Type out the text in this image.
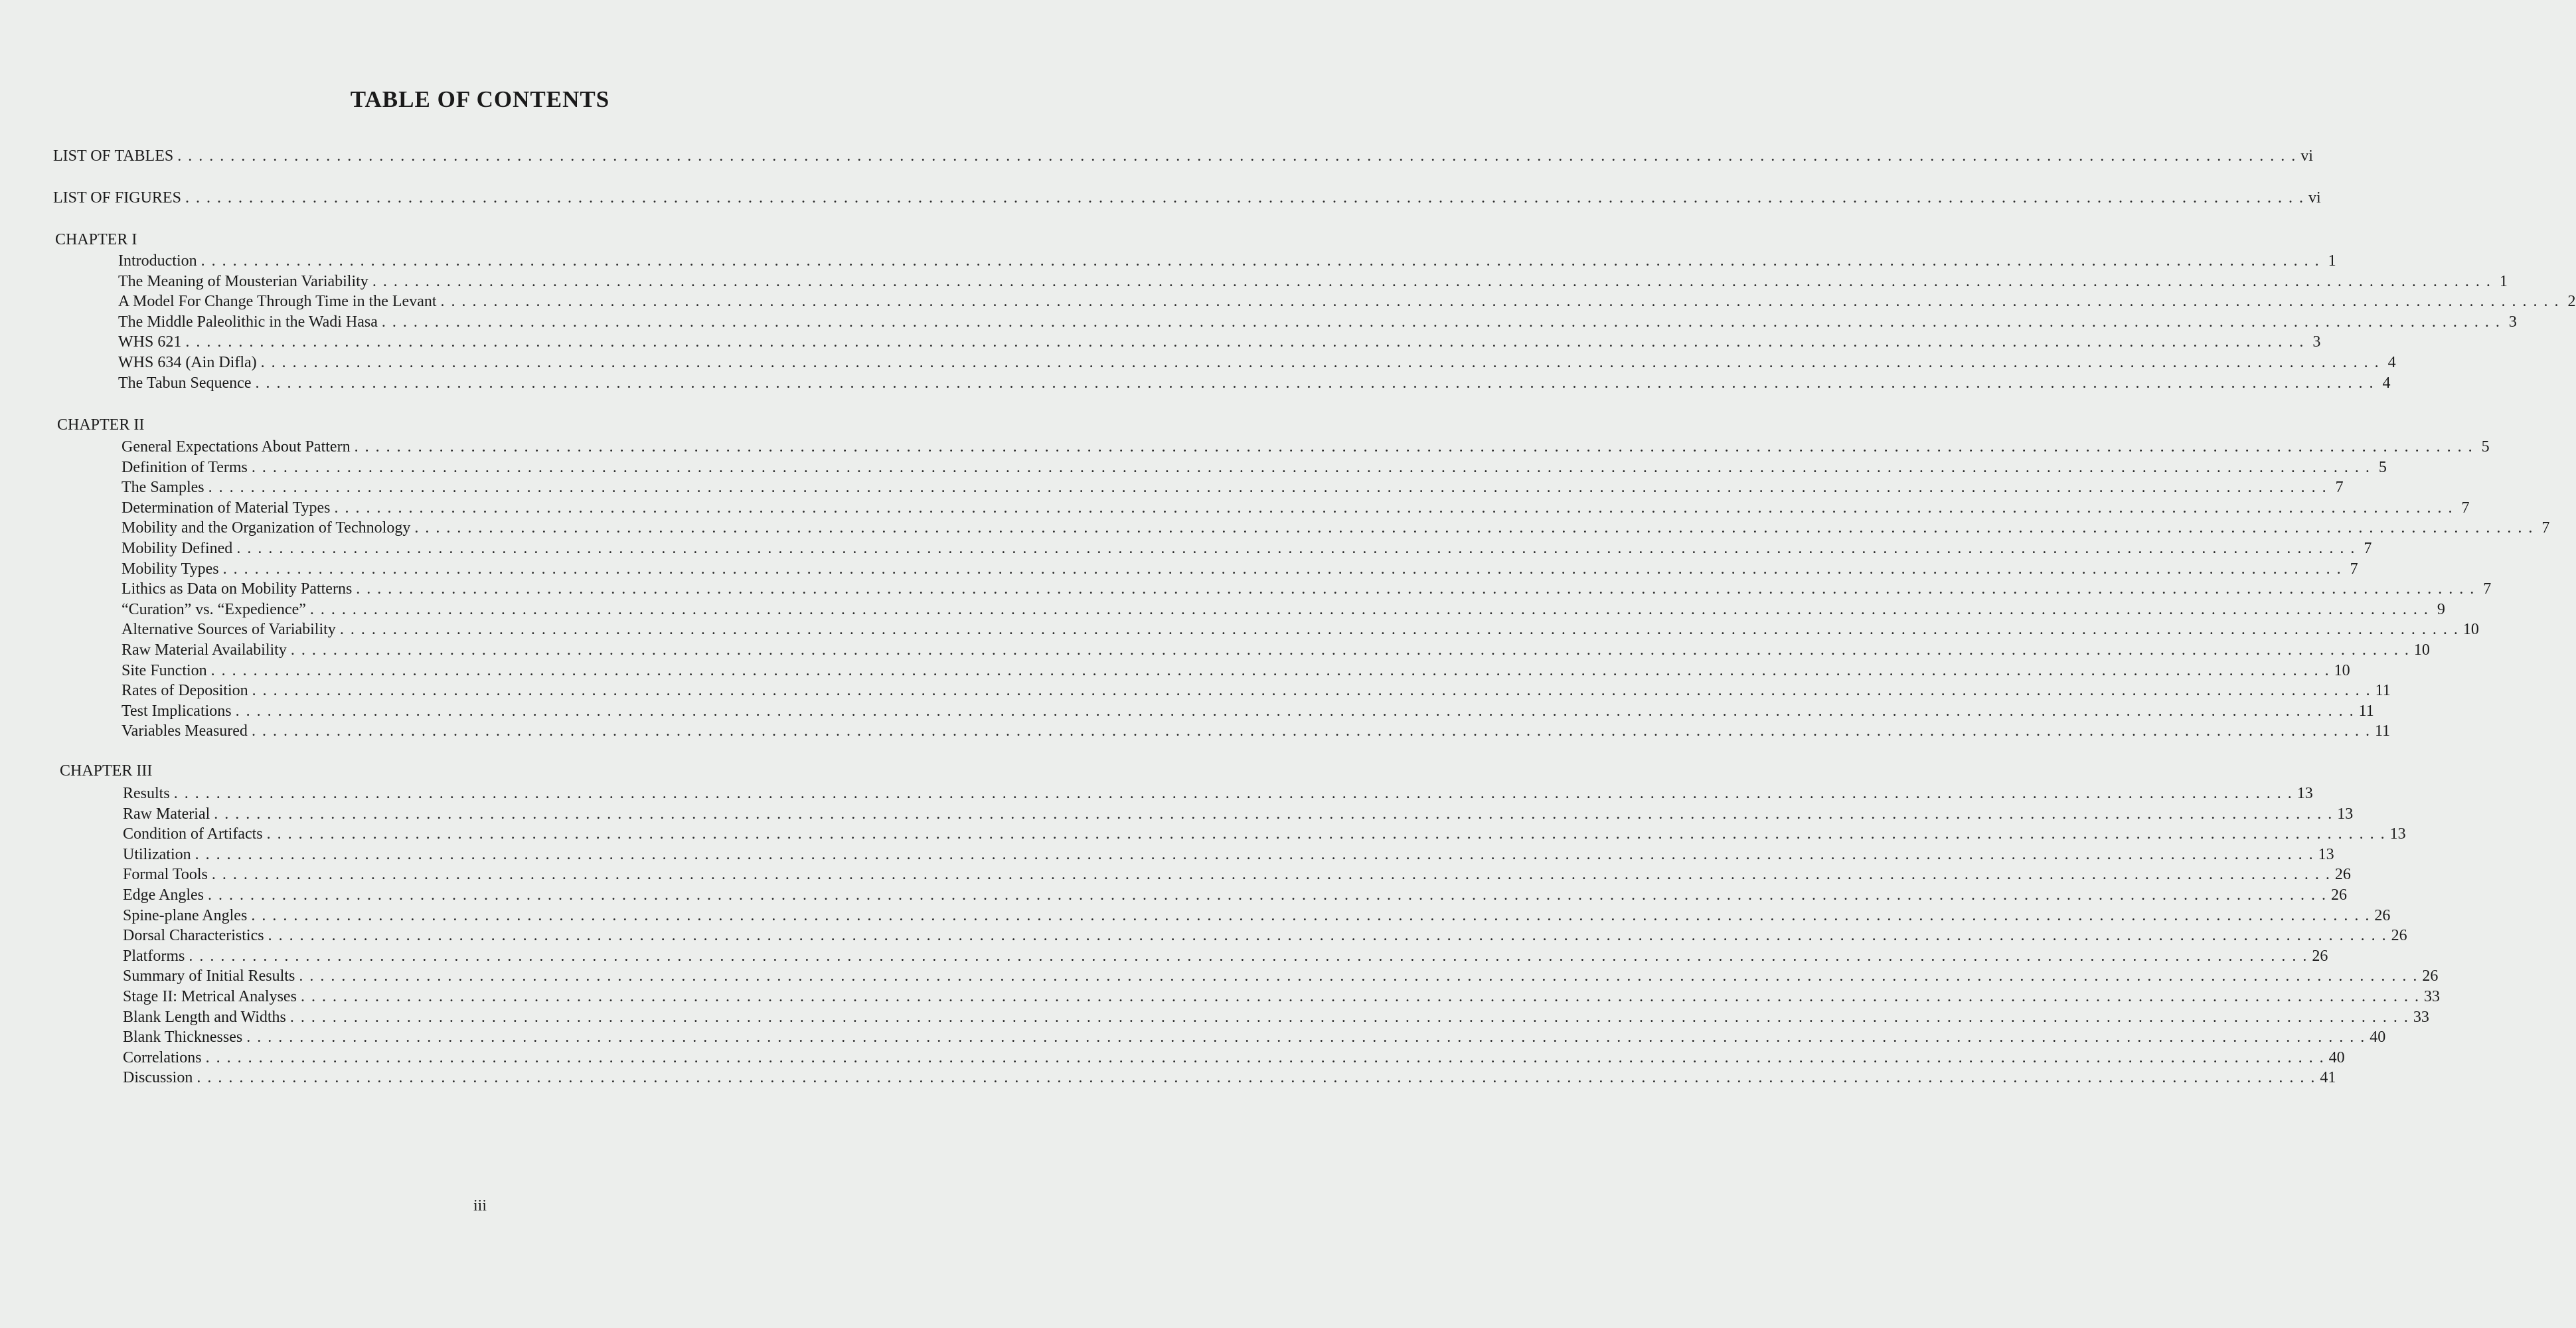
TABLE OF CONTENTS
LIST OF TABLES . . . . . . . . . . . . . . . . . . . . . . . . . . . . . . . . . . . . . . . . . . . . . . . . . . . . . . . . . . . . . . . . . . . . . . . . . . . . . . . . . . . . . . . . . . . . . . . . . . . . . . . . . . . . . . . . . . . . . . . . . . . . . . . . . . . . . . . . . . . . . . . . . . . . . . . . . . . . . . . . . . . . . . . . . . . . . . . . . . . . . . . . . . . . . . . . . . . . . . . . vi
LIST OF FIGURES . . . . . . . . . . . . . . . . . . . . . . . . . . . . . . . . . . . . . . . . . . . . . . . . . . . . . . . . . . . . . . . . . . . . . . . . . . . . . . . . . . . . . . . . . . . . . . . . . . . . . . . . . . . . . . . . . . . . . . . . . . . . . . . . . . . . . . . . . . . . . . . . . . . . . . . . . . . . . . . . . . . . . . . . . . . . . . . . . . . . . . . . . . . . . . . . . . . . . . . . vi
CHAPTER I
Introduction . . . . . . . . . . . . . . . . . . . . . . . . . . . . . . . . . . . . . . . . . . . . . . . . . . . . . . . . . . . . . . . . . . . . . . . . . . . . . . . . . . . . . . . . . . . . . . . . . . . . . . . . . . . . . . . . . . . . . . . . . . . . . . . . . . . . . . . . . . . . . . . . . . . . . . . . . . . . . . . . . . . . . . . . . . . . . . . . . . . . . . . . . . . . . . . . . . . . . . . . 1
The Meaning of Mousterian Variability . . . . . . . . . . . . . . . . . . . . . . . . . . . . . . . . . . . . . . . . . . . . . . . . . . . . . . . . . . . . . . . . . . . . . . . . . . . . . . . . . . . . . . . . . . . . . . . . . . . . . . . . . . . . . . . . . . . . . . . . . . . . . . . . . . . . . . . . . . . . . . . . . . . . . . . . . . . . . . . . . . . . . . . . . . . . . . . . . . . . . . . . . . . . . . . . . . . . . . . . 1
A Model For Change Through Time in the Levant . . . . . . . . . . . . . . . . . . . . . . . . . . . . . . . . . . . . . . . . . . . . . . . . . . . . . . . . . . . . . . . . . . . . . . . . . . . . . . . . . . . . . . . . . . . . . . . . . . . . . . . . . . . . . . . . . . . . . . . . . . . . . . . . . . . . . . . . . . . . . . . . . . . . . . . . . . . . . . . . . . . . . . . . . . . . . . . . . . . . . . . . . . . . . . . . . . . . . . . . 2
The Middle Paleolithic in the Wadi Hasa . . . . . . . . . . . . . . . . . . . . . . . . . . . . . . . . . . . . . . . . . . . . . . . . . . . . . . . . . . . . . . . . . . . . . . . . . . . . . . . . . . . . . . . . . . . . . . . . . . . . . . . . . . . . . . . . . . . . . . . . . . . . . . . . . . . . . . . . . . . . . . . . . . . . . . . . . . . . . . . . . . . . . . . . . . . . . . . . . . . . . . . . . . . . . . . . . . . . . . . . 3
WHS 621 . . . . . . . . . . . . . . . . . . . . . . . . . . . . . . . . . . . . . . . . . . . . . . . . . . . . . . . . . . . . . . . . . . . . . . . . . . . . . . . . . . . . . . . . . . . . . . . . . . . . . . . . . . . . . . . . . . . . . . . . . . . . . . . . . . . . . . . . . . . . . . . . . . . . . . . . . . . . . . . . . . . . . . . . . . . . . . . . . . . . . . . . . . . . . . . . . . . . . . . . 3
WHS 634 (Ain Difla) . . . . . . . . . . . . . . . . . . . . . . . . . . . . . . . . . . . . . . . . . . . . . . . . . . . . . . . . . . . . . . . . . . . . . . . . . . . . . . . . . . . . . . . . . . . . . . . . . . . . . . . . . . . . . . . . . . . . . . . . . . . . . . . . . . . . . . . . . . . . . . . . . . . . . . . . . . . . . . . . . . . . . . . . . . . . . . . . . . . . . . . . . . . . . . . . . . . . . . . . 4
The Tabun Sequence . . . . . . . . . . . . . . . . . . . . . . . . . . . . . . . . . . . . . . . . . . . . . . . . . . . . . . . . . . . . . . . . . . . . . . . . . . . . . . . . . . . . . . . . . . . . . . . . . . . . . . . . . . . . . . . . . . . . . . . . . . . . . . . . . . . . . . . . . . . . . . . . . . . . . . . . . . . . . . . . . . . . . . . . . . . . . . . . . . . . . . . . . . . . . . . . . . . . . . . . 4
CHAPTER II
General Expectations About Pattern . . . . . . . . . . . . . . . . . . . . . . . . . . . . . . . . . . . . . . . . . . . . . . . . . . . . . . . . . . . . . . . . . . . . . . . . . . . . . . . . . . . . . . . . . . . . . . . . . . . . . . . . . . . . . . . . . . . . . . . . . . . . . . . . . . . . . . . . . . . . . . . . . . . . . . . . . . . . . . . . . . . . . . . . . . . . . . . . . . . . . . . . . . . . . . . . . . . . . . . . 5
Definition of Terms . . . . . . . . . . . . . . . . . . . . . . . . . . . . . . . . . . . . . . . . . . . . . . . . . . . . . . . . . . . . . . . . . . . . . . . . . . . . . . . . . . . . . . . . . . . . . . . . . . . . . . . . . . . . . . . . . . . . . . . . . . . . . . . . . . . . . . . . . . . . . . . . . . . . . . . . . . . . . . . . . . . . . . . . . . . . . . . . . . . . . . . . . . . . . . . . . . . . . . . . 5
The Samples . . . . . . . . . . . . . . . . . . . . . . . . . . . . . . . . . . . . . . . . . . . . . . . . . . . . . . . . . . . . . . . . . . . . . . . . . . . . . . . . . . . . . . . . . . . . . . . . . . . . . . . . . . . . . . . . . . . . . . . . . . . . . . . . . . . . . . . . . . . . . . . . . . . . . . . . . . . . . . . . . . . . . . . . . . . . . . . . . . . . . . . . . . . . . . . . . . . . . . . . 7
Determination of Material Types . . . . . . . . . . . . . . . . . . . . . . . . . . . . . . . . . . . . . . . . . . . . . . . . . . . . . . . . . . . . . . . . . . . . . . . . . . . . . . . . . . . . . . . . . . . . . . . . . . . . . . . . . . . . . . . . . . . . . . . . . . . . . . . . . . . . . . . . . . . . . . . . . . . . . . . . . . . . . . . . . . . . . . . . . . . . . . . . . . . . . . . . . . . . . . . . . . . . . . . . 7
Mobility and the Organization of Technology . . . . . . . . . . . . . . . . . . . . . . . . . . . . . . . . . . . . . . . . . . . . . . . . . . . . . . . . . . . . . . . . . . . . . . . . . . . . . . . . . . . . . . . . . . . . . . . . . . . . . . . . . . . . . . . . . . . . . . . . . . . . . . . . . . . . . . . . . . . . . . . . . . . . . . . . . . . . . . . . . . . . . . . . . . . . . . . . . . . . . . . . . . . . . . . . . . . . . . . . 7
Mobility Defined . . . . . . . . . . . . . . . . . . . . . . . . . . . . . . . . . . . . . . . . . . . . . . . . . . . . . . . . . . . . . . . . . . . . . . . . . . . . . . . . . . . . . . . . . . . . . . . . . . . . . . . . . . . . . . . . . . . . . . . . . . . . . . . . . . . . . . . . . . . . . . . . . . . . . . . . . . . . . . . . . . . . . . . . . . . . . . . . . . . . . . . . . . . . . . . . . . . . . . . . 7
Mobility Types . . . . . . . . . . . . . . . . . . . . . . . . . . . . . . . . . . . . . . . . . . . . . . . . . . . . . . . . . . . . . . . . . . . . . . . . . . . . . . . . . . . . . . . . . . . . . . . . . . . . . . . . . . . . . . . . . . . . . . . . . . . . . . . . . . . . . . . . . . . . . . . . . . . . . . . . . . . . . . . . . . . . . . . . . . . . . . . . . . . . . . . . . . . . . . . . . . . . . . . . 7
Lithics as Data on Mobility Patterns . . . . . . . . . . . . . . . . . . . . . . . . . . . . . . . . . . . . . . . . . . . . . . . . . . . . . . . . . . . . . . . . . . . . . . . . . . . . . . . . . . . . . . . . . . . . . . . . . . . . . . . . . . . . . . . . . . . . . . . . . . . . . . . . . . . . . . . . . . . . . . . . . . . . . . . . . . . . . . . . . . . . . . . . . . . . . . . . . . . . . . . . . . . . . . . . . . . . . . . . 7
“Curation” vs. “Expedience” . . . . . . . . . . . . . . . . . . . . . . . . . . . . . . . . . . . . . . . . . . . . . . . . . . . . . . . . . . . . . . . . . . . . . . . . . . . . . . . . . . . . . . . . . . . . . . . . . . . . . . . . . . . . . . . . . . . . . . . . . . . . . . . . . . . . . . . . . . . . . . . . . . . . . . . . . . . . . . . . . . . . . . . . . . . . . . . . . . . . . . . . . . . . . . . . . . . . . . . . 9
Alternative Sources of Variability . . . . . . . . . . . . . . . . . . . . . . . . . . . . . . . . . . . . . . . . . . . . . . . . . . . . . . . . . . . . . . . . . . . . . . . . . . . . . . . . . . . . . . . . . . . . . . . . . . . . . . . . . . . . . . . . . . . . . . . . . . . . . . . . . . . . . . . . . . . . . . . . . . . . . . . . . . . . . . . . . . . . . . . . . . . . . . . . . . . . . . . . . . . . . . . . . . . . . . . . 10
Raw Material Availability . . . . . . . . . . . . . . . . . . . . . . . . . . . . . . . . . . . . . . . . . . . . . . . . . . . . . . . . . . . . . . . . . . . . . . . . . . . . . . . . . . . . . . . . . . . . . . . . . . . . . . . . . . . . . . . . . . . . . . . . . . . . . . . . . . . . . . . . . . . . . . . . . . . . . . . . . . . . . . . . . . . . . . . . . . . . . . . . . . . . . . . . . . . . . . . . . . . . . . . . 10
Site Function . . . . . . . . . . . . . . . . . . . . . . . . . . . . . . . . . . . . . . . . . . . . . . . . . . . . . . . . . . . . . . . . . . . . . . . . . . . . . . . . . . . . . . . . . . . . . . . . . . . . . . . . . . . . . . . . . . . . . . . . . . . . . . . . . . . . . . . . . . . . . . . . . . . . . . . . . . . . . . . . . . . . . . . . . . . . . . . . . . . . . . . . . . . . . . . . . . . . . . . . 10
Rates of Deposition . . . . . . . . . . . . . . . . . . . . . . . . . . . . . . . . . . . . . . . . . . . . . . . . . . . . . . . . . . . . . . . . . . . . . . . . . . . . . . . . . . . . . . . . . . . . . . . . . . . . . . . . . . . . . . . . . . . . . . . . . . . . . . . . . . . . . . . . . . . . . . . . . . . . . . . . . . . . . . . . . . . . . . . . . . . . . . . . . . . . . . . . . . . . . . . . . . . . . . . . 11
Test Implications . . . . . . . . . . . . . . . . . . . . . . . . . . . . . . . . . . . . . . . . . . . . . . . . . . . . . . . . . . . . . . . . . . . . . . . . . . . . . . . . . . . . . . . . . . . . . . . . . . . . . . . . . . . . . . . . . . . . . . . . . . . . . . . . . . . . . . . . . . . . . . . . . . . . . . . . . . . . . . . . . . . . . . . . . . . . . . . . . . . . . . . . . . . . . . . . . . . . . . . . 11
Variables Measured . . . . . . . . . . . . . . . . . . . . . . . . . . . . . . . . . . . . . . . . . . . . . . . . . . . . . . . . . . . . . . . . . . . . . . . . . . . . . . . . . . . . . . . . . . . . . . . . . . . . . . . . . . . . . . . . . . . . . . . . . . . . . . . . . . . . . . . . . . . . . . . . . . . . . . . . . . . . . . . . . . . . . . . . . . . . . . . . . . . . . . . . . . . . . . . . . . . . . . . . 11
CHAPTER III
Results . . . . . . . . . . . . . . . . . . . . . . . . . . . . . . . . . . . . . . . . . . . . . . . . . . . . . . . . . . . . . . . . . . . . . . . . . . . . . . . . . . . . . . . . . . . . . . . . . . . . . . . . . . . . . . . . . . . . . . . . . . . . . . . . . . . . . . . . . . . . . . . . . . . . . . . . . . . . . . . . . . . . . . . . . . . . . . . . . . . . . . . . . . . . . . . . . . . . . . . . 13
Raw Material . . . . . . . . . . . . . . . . . . . . . . . . . . . . . . . . . . . . . . . . . . . . . . . . . . . . . . . . . . . . . . . . . . . . . . . . . . . . . . . . . . . . . . . . . . . . . . . . . . . . . . . . . . . . . . . . . . . . . . . . . . . . . . . . . . . . . . . . . . . . . . . . . . . . . . . . . . . . . . . . . . . . . . . . . . . . . . . . . . . . . . . . . . . . . . . . . . . . . . . . 13
Condition of Artifacts . . . . . . . . . . . . . . . . . . . . . . . . . . . . . . . . . . . . . . . . . . . . . . . . . . . . . . . . . . . . . . . . . . . . . . . . . . . . . . . . . . . . . . . . . . . . . . . . . . . . . . . . . . . . . . . . . . . . . . . . . . . . . . . . . . . . . . . . . . . . . . . . . . . . . . . . . . . . . . . . . . . . . . . . . . . . . . . . . . . . . . . . . . . . . . . . . . . . . . . . 13
Utilization . . . . . . . . . . . . . . . . . . . . . . . . . . . . . . . . . . . . . . . . . . . . . . . . . . . . . . . . . . . . . . . . . . . . . . . . . . . . . . . . . . . . . . . . . . . . . . . . . . . . . . . . . . . . . . . . . . . . . . . . . . . . . . . . . . . . . . . . . . . . . . . . . . . . . . . . . . . . . . . . . . . . . . . . . . . . . . . . . . . . . . . . . . . . . . . . . . . . . . . . 13
Formal Tools . . . . . . . . . . . . . . . . . . . . . . . . . . . . . . . . . . . . . . . . . . . . . . . . . . . . . . . . . . . . . . . . . . . . . . . . . . . . . . . . . . . . . . . . . . . . . . . . . . . . . . . . . . . . . . . . . . . . . . . . . . . . . . . . . . . . . . . . . . . . . . . . . . . . . . . . . . . . . . . . . . . . . . . . . . . . . . . . . . . . . . . . . . . . . . . . . . . . . . . . 26
Edge Angles . . . . . . . . . . . . . . . . . . . . . . . . . . . . . . . . . . . . . . . . . . . . . . . . . . . . . . . . . . . . . . . . . . . . . . . . . . . . . . . . . . . . . . . . . . . . . . . . . . . . . . . . . . . . . . . . . . . . . . . . . . . . . . . . . . . . . . . . . . . . . . . . . . . . . . . . . . . . . . . . . . . . . . . . . . . . . . . . . . . . . . . . . . . . . . . . . . . . . . . . 26
Spine-plane Angles . . . . . . . . . . . . . . . . . . . . . . . . . . . . . . . . . . . . . . . . . . . . . . . . . . . . . . . . . . . . . . . . . . . . . . . . . . . . . . . . . . . . . . . . . . . . . . . . . . . . . . . . . . . . . . . . . . . . . . . . . . . . . . . . . . . . . . . . . . . . . . . . . . . . . . . . . . . . . . . . . . . . . . . . . . . . . . . . . . . . . . . . . . . . . . . . . . . . . . . . 26
Dorsal Characteristics . . . . . . . . . . . . . . . . . . . . . . . . . . . . . . . . . . . . . . . . . . . . . . . . . . . . . . . . . . . . . . . . . . . . . . . . . . . . . . . . . . . . . . . . . . . . . . . . . . . . . . . . . . . . . . . . . . . . . . . . . . . . . . . . . . . . . . . . . . . . . . . . . . . . . . . . . . . . . . . . . . . . . . . . . . . . . . . . . . . . . . . . . . . . . . . . . . . . . . . . 26
Platforms . . . . . . . . . . . . . . . . . . . . . . . . . . . . . . . . . . . . . . . . . . . . . . . . . . . . . . . . . . . . . . . . . . . . . . . . . . . . . . . . . . . . . . . . . . . . . . . . . . . . . . . . . . . . . . . . . . . . . . . . . . . . . . . . . . . . . . . . . . . . . . . . . . . . . . . . . . . . . . . . . . . . . . . . . . . . . . . . . . . . . . . . . . . . . . . . . . . . . . . . 26
Summary of Initial Results . . . . . . . . . . . . . . . . . . . . . . . . . . . . . . . . . . . . . . . . . . . . . . . . . . . . . . . . . . . . . . . . . . . . . . . . . . . . . . . . . . . . . . . . . . . . . . . . . . . . . . . . . . . . . . . . . . . . . . . . . . . . . . . . . . . . . . . . . . . . . . . . . . . . . . . . . . . . . . . . . . . . . . . . . . . . . . . . . . . . . . . . . . . . . . . . . . . . . . . . 26
Stage II: Metrical Analyses . . . . . . . . . . . . . . . . . . . . . . . . . . . . . . . . . . . . . . . . . . . . . . . . . . . . . . . . . . . . . . . . . . . . . . . . . . . . . . . . . . . . . . . . . . . . . . . . . . . . . . . . . . . . . . . . . . . . . . . . . . . . . . . . . . . . . . . . . . . . . . . . . . . . . . . . . . . . . . . . . . . . . . . . . . . . . . . . . . . . . . . . . . . . . . . . . . . . . . . . 33
Blank Length and Widths . . . . . . . . . . . . . . . . . . . . . . . . . . . . . . . . . . . . . . . . . . . . . . . . . . . . . . . . . . . . . . . . . . . . . . . . . . . . . . . . . . . . . . . . . . . . . . . . . . . . . . . . . . . . . . . . . . . . . . . . . . . . . . . . . . . . . . . . . . . . . . . . . . . . . . . . . . . . . . . . . . . . . . . . . . . . . . . . . . . . . . . . . . . . . . . . . . . . . . . . 33
Blank Thicknesses . . . . . . . . . . . . . . . . . . . . . . . . . . . . . . . . . . . . . . . . . . . . . . . . . . . . . . . . . . . . . . . . . . . . . . . . . . . . . . . . . . . . . . . . . . . . . . . . . . . . . . . . . . . . . . . . . . . . . . . . . . . . . . . . . . . . . . . . . . . . . . . . . . . . . . . . . . . . . . . . . . . . . . . . . . . . . . . . . . . . . . . . . . . . . . . . . . . . . . . . 40
Correlations . . . . . . . . . . . . . . . . . . . . . . . . . . . . . . . . . . . . . . . . . . . . . . . . . . . . . . . . . . . . . . . . . . . . . . . . . . . . . . . . . . . . . . . . . . . . . . . . . . . . . . . . . . . . . . . . . . . . . . . . . . . . . . . . . . . . . . . . . . . . . . . . . . . . . . . . . . . . . . . . . . . . . . . . . . . . . . . . . . . . . . . . . . . . . . . . . . . . . . . . 40
Discussion . . . . . . . . . . . . . . . . . . . . . . . . . . . . . . . . . . . . . . . . . . . . . . . . . . . . . . . . . . . . . . . . . . . . . . . . . . . . . . . . . . . . . . . . . . . . . . . . . . . . . . . . . . . . . . . . . . . . . . . . . . . . . . . . . . . . . . . . . . . . . . . . . . . . . . . . . . . . . . . . . . . . . . . . . . . . . . . . . . . . . . . . . . . . . . . . . . . . . . . . 41
iii
